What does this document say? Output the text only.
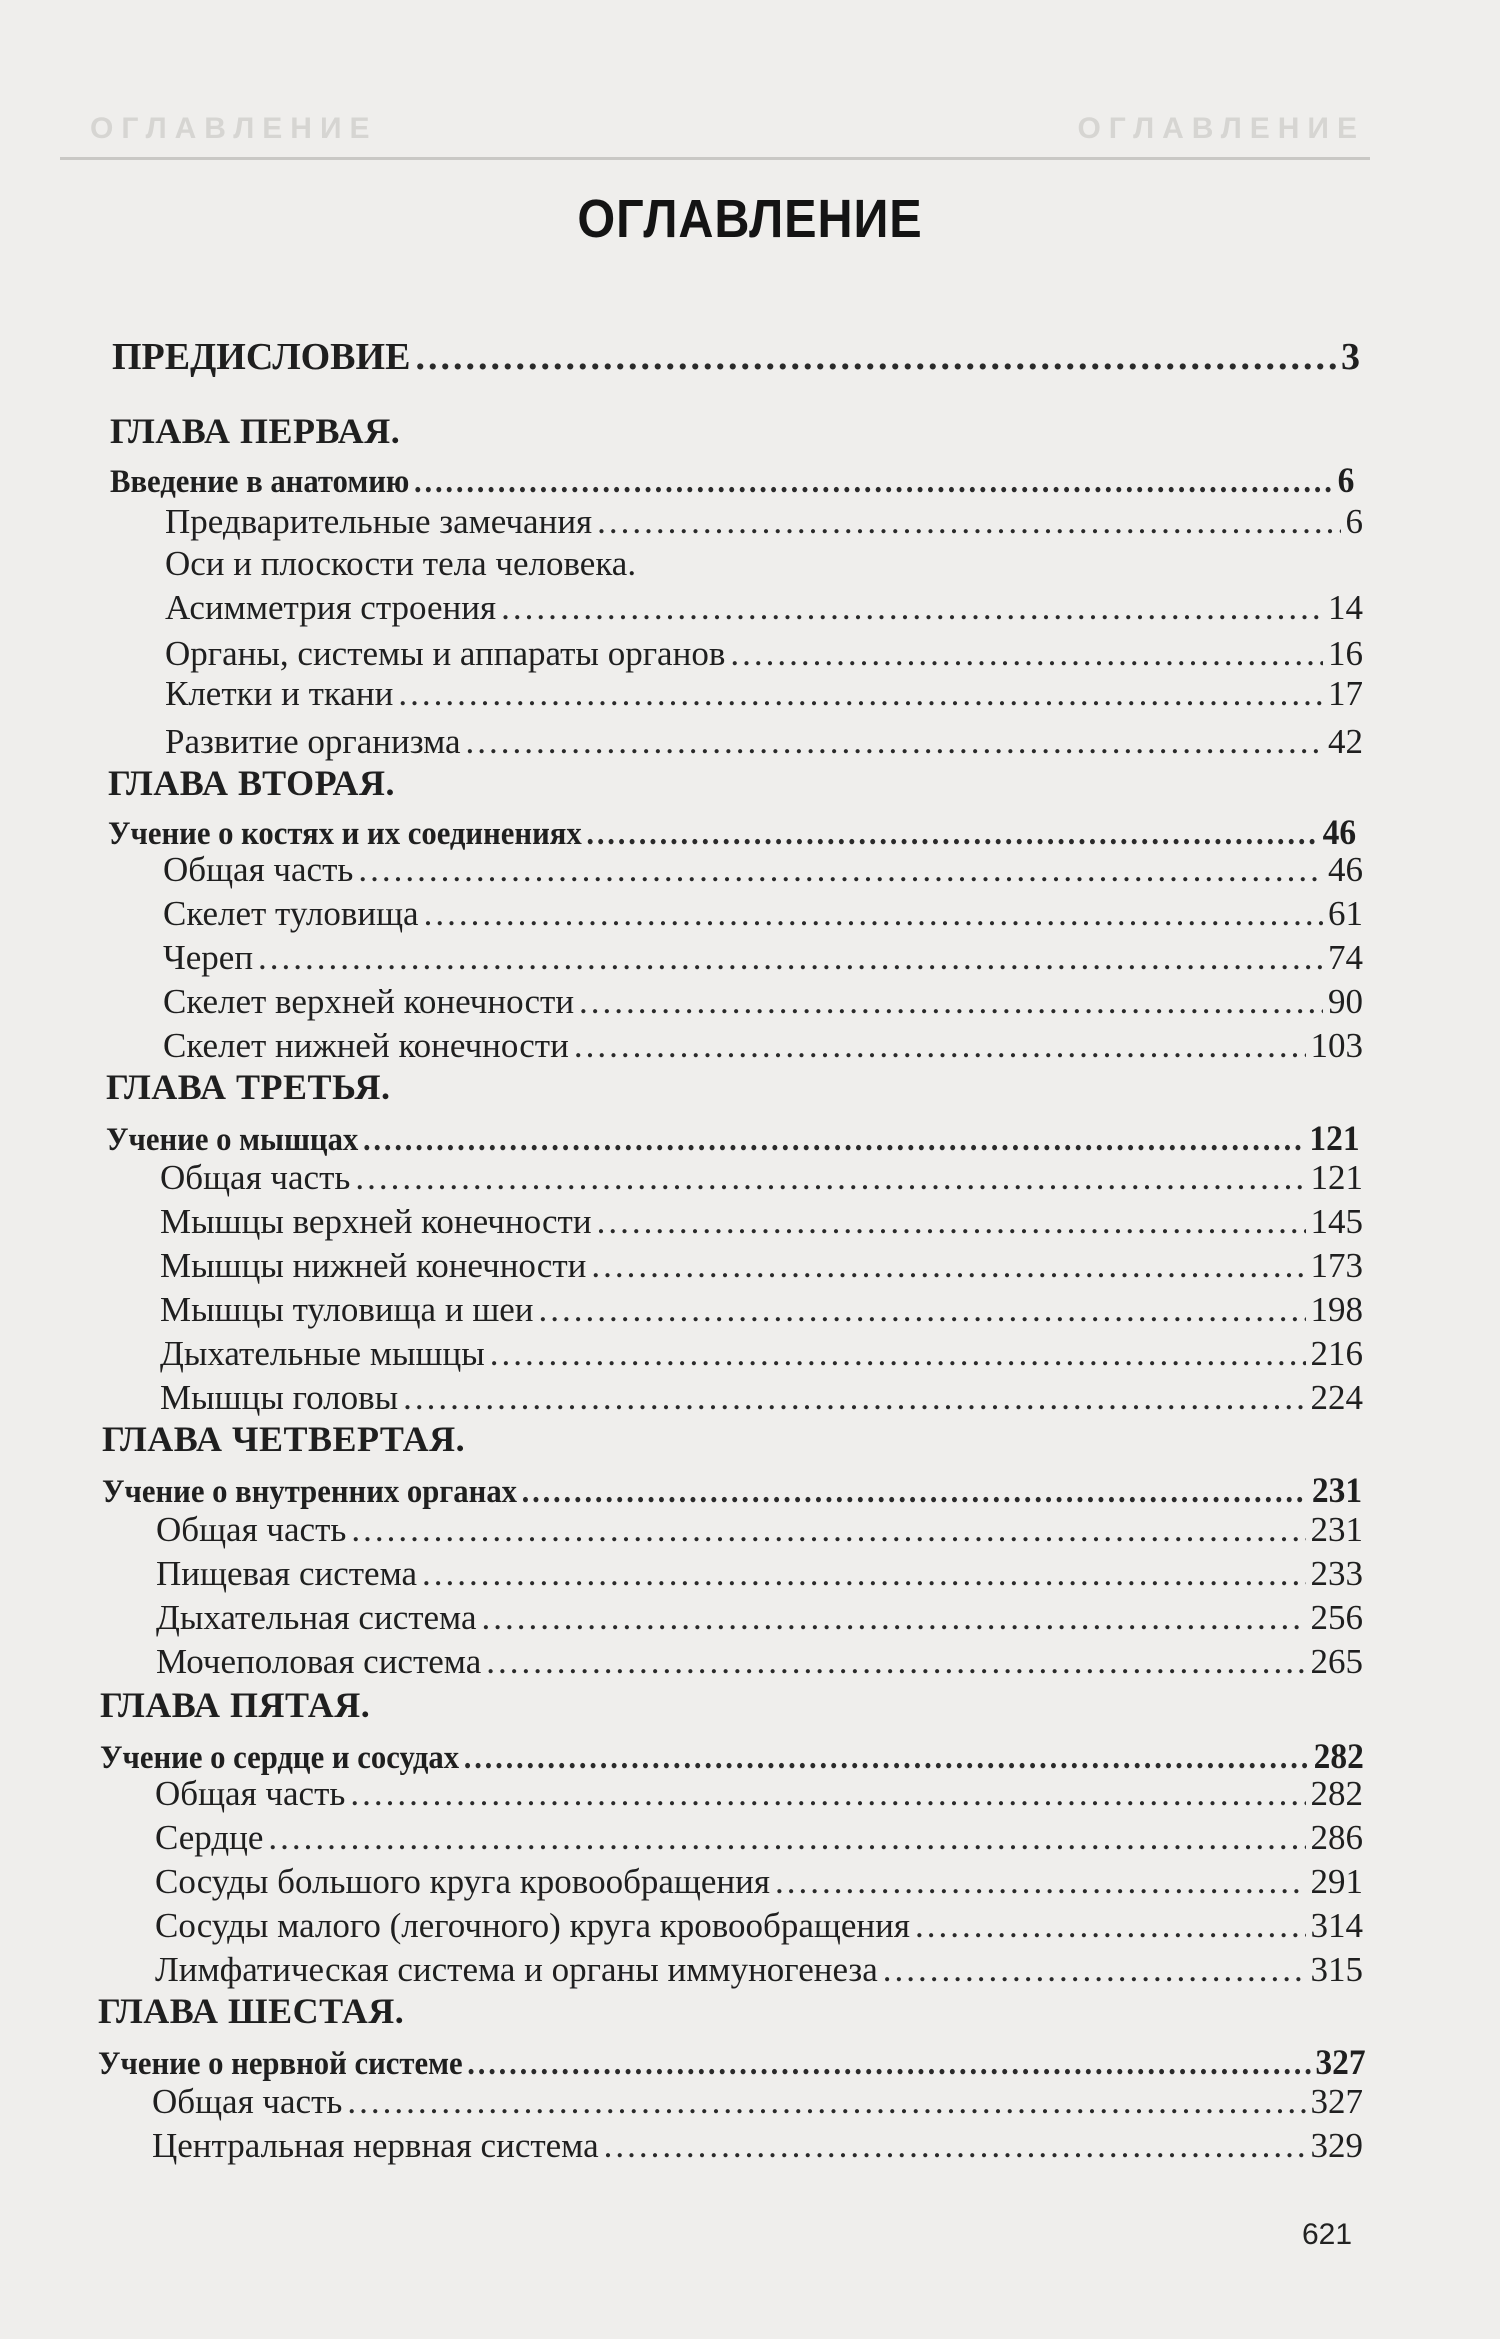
ОГЛАВЛЕНИЕ	ОГЛАВЛЕНИЕ
ОГЛАВЛЕНИЕ
ПРЕДИСЛОВИЕ .....	3
ГЛАВА ПЕРВАЯ.
Введение в анатомию .....	6
Предварительные замечания .....	6
Оси и плоскости тела человека.
Асимметрия строения .....	14
Органы, системы и аппараты органов .....	16
Клетки и ткани .....	17
Развитие организма .....	42
ГЛАВА ВТОРАЯ.
Учение о костях и их соединениях .....	46
Общая часть .....	46
Скелет туловища .....	61
Череп .....	74
Скелет верхней конечности .....	90
Скелет нижней конечности .....	103
ГЛАВА ТРЕТЬЯ.
Учение о мышцах .....	121
Общая часть .....	121
Мышцы верхней конечности .....	145
Мышцы нижней конечности .....	173
Мышцы туловища и шеи .....	198
Дыхательные мышцы .....	216
Мышцы головы .....	224
ГЛАВА ЧЕТВЕРТАЯ.
Учение о внутренних органах .....	231
Общая часть .....	231
Пищевая система .....	233
Дыхательная система .....	256
Мочеполовая система .....	265
ГЛАВА ПЯТАЯ.
Учение о сердце и сосудах .....	282
Общая часть .....	282
Сердце .....	286
Сосуды большого круга кровообращения .....	291
Сосуды малого (легочного) круга кровообращения .....	314
Лимфатическая система и органы иммуногенеза .....	315
ГЛАВА ШЕСТАЯ.
Учение о нервной системе .....	327
Общая часть .....	327
Центральная нервная система .....	329
621
